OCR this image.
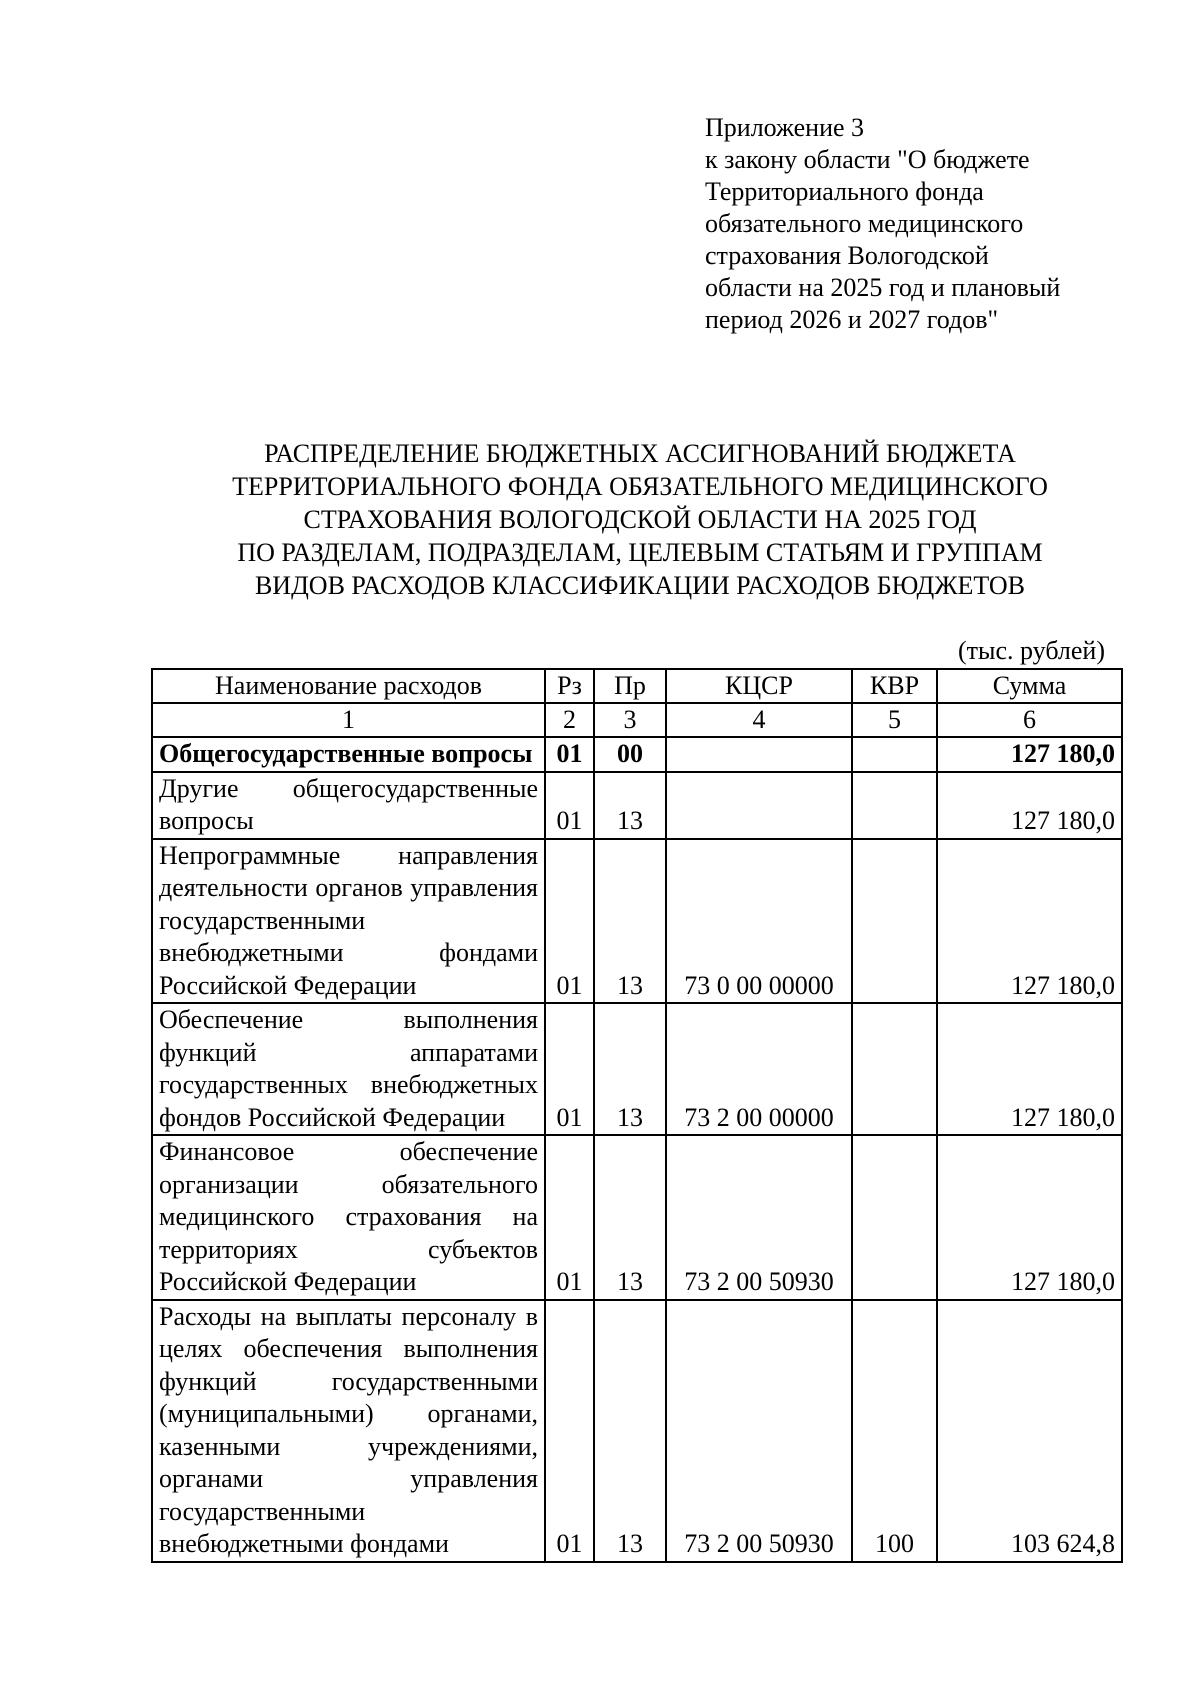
Приложение 3
к закону области "О бюджете
Территориального фонда
обязательного медицинского
страхования Вологодской
области на 2025 год и плановый
период 2026 и 2027 годов"
РАСПРЕДЕЛЕНИЕ БЮДЖЕТНЫХ АССИГНОВАНИЙ БЮДЖЕТА
ТЕРРИТОРИАЛЬНОГО ФОНДА ОБЯЗАТЕЛЬНОГО МЕДИЦИНСКОГО
СТРАХОВАНИЯ ВОЛОГОДСКОЙ ОБЛАСТИ НА 2025 ГОД
ПО РАЗДЕЛАМ, ПОДРАЗДЕЛАМ, ЦЕЛЕВЫМ СТАТЬЯМ И ГРУППАМ
ВИДОВ РАСХОДОВ КЛАССИФИКАЦИИ РАСХОДОВ БЮДЖЕТОВ
(тыс. рублей)
Наименование расходов	Рз	Пр	КЦСР	КВР	Сумма
1	2	3	4	5	6
Общегосударственные вопросы	01	00			127 180,0
Другие общегосударственные вопросы	01	13			127 180,0
Непрограммные направления деятельности органов управления государственными внебюджетными фондами Российской Федерации	01	13	73 0 00 00000		127 180,0
Обеспечение выполнения функций аппаратами государственных внебюджетных фондов Российской Федерации	01	13	73 2 00 00000		127 180,0
Финансовое обеспечение организации обязательного медицинского страхования на территориях субъектов Российской Федерации	01	13	73 2 00 50930		127 180,0
Расходы на выплаты персоналу в целях обеспечения выполнения функций государственными (муниципальными) органами, казенными учреждениями, органами управления государственными внебюджетными фондами	01	13	73 2 00 50930	100	103 624,8
